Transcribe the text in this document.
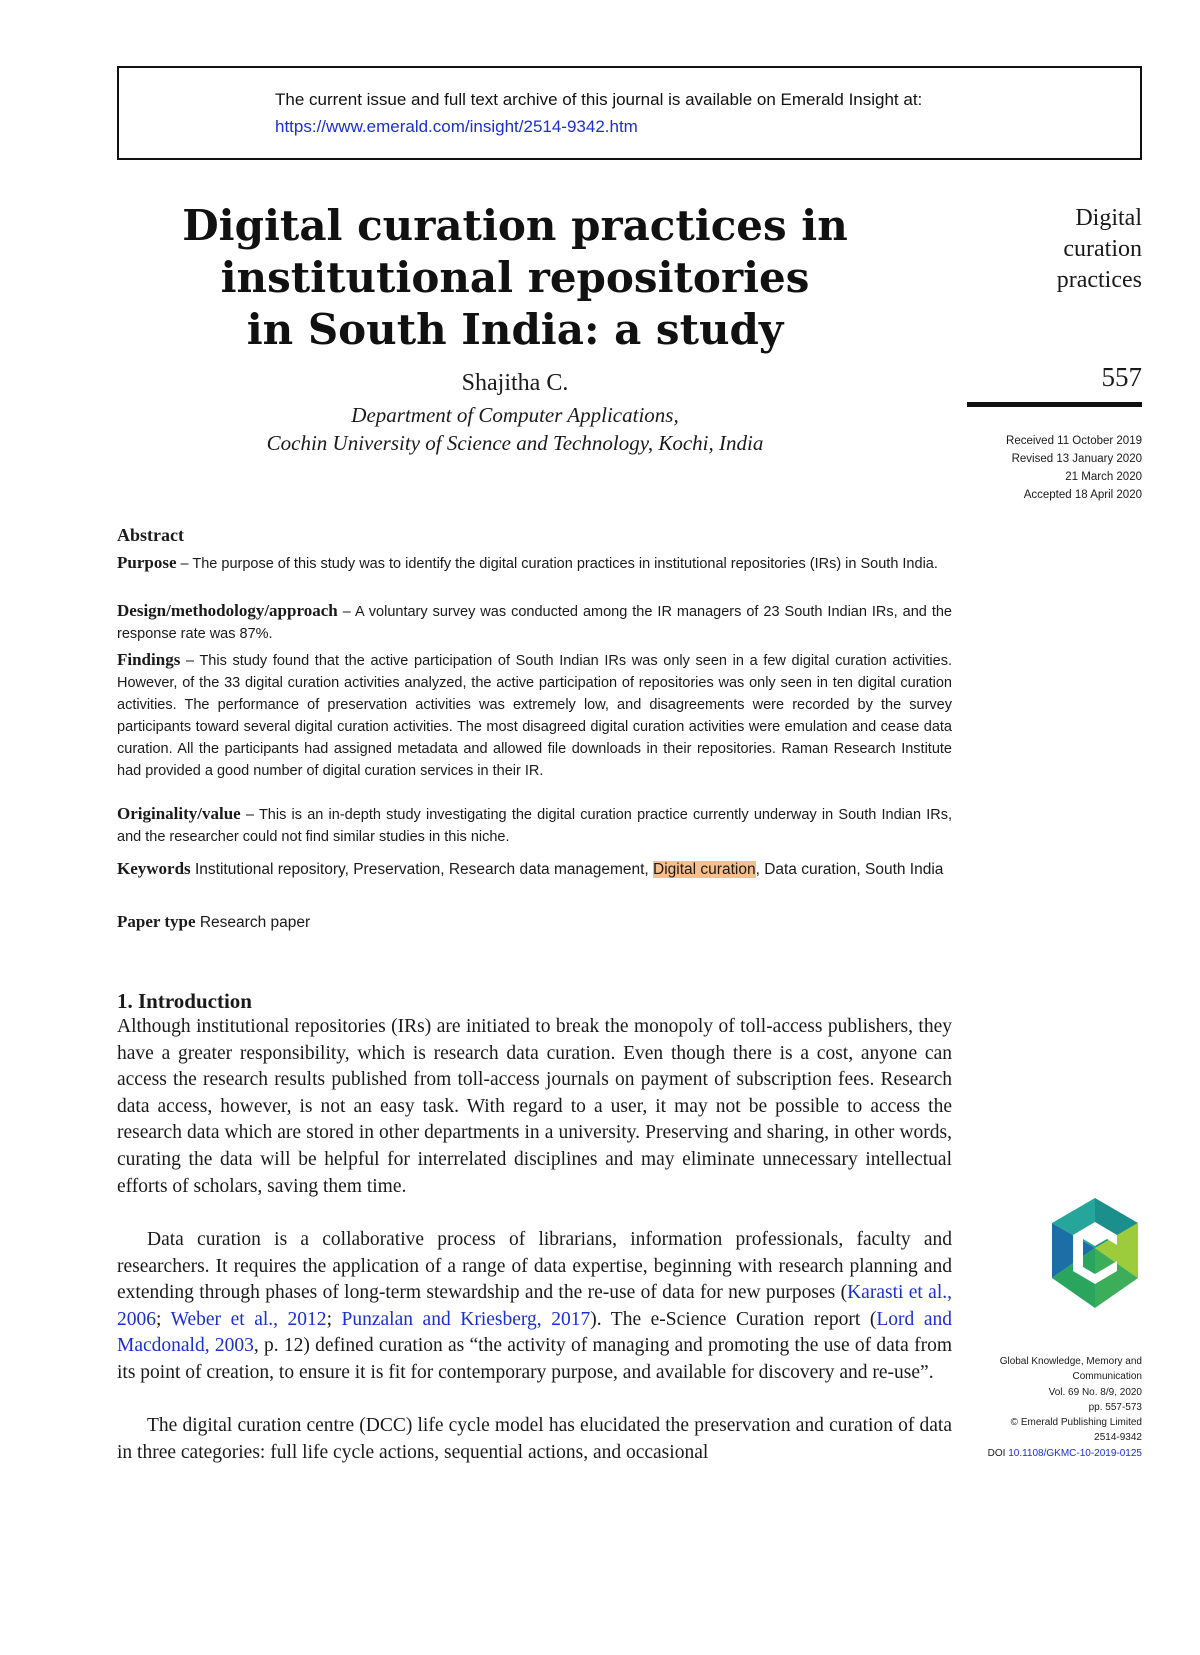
The current issue and full text archive of this journal is available on Emerald Insight at:
https://www.emerald.com/insight/2514-9342.htm
Digital curation practices in
institutional repositories
in South India: a study
Shajitha C.
Department of Computer Applications,
Cochin University of Science and Technology, Kochi, India
Digital
curation
practices
557
Received 11 October 2019
Revised 13 January 2020
21 March 2020
Accepted 18 April 2020
Abstract
Purpose – The purpose of this study was to identify the digital curation practices in institutional repositories (IRs) in South India.
Design/methodology/approach – A voluntary survey was conducted among the IR managers of 23 South Indian IRs, and the response rate was 87%.
Findings – This study found that the active participation of South Indian IRs was only seen in a few digital curation activities. However, of the 33 digital curation activities analyzed, the active participation of repositories was only seen in ten digital curation activities. The performance of preservation activities was extremely low, and disagreements were recorded by the survey participants toward several digital curation activities. The most disagreed digital curation activities were emulation and cease data curation. All the participants had assigned metadata and allowed file downloads in their repositories. Raman Research Institute had provided a good number of digital curation services in their IR.
Originality/value – This is an in-depth study investigating the digital curation practice currently underway in South Indian IRs, and the researcher could not find similar studies in this niche.
Keywords Institutional repository, Preservation, Research data management, Digital curation, Data curation, South India
Paper type Research paper
1. Introduction
Although institutional repositories (IRs) are initiated to break the monopoly of toll-access publishers, they have a greater responsibility, which is research data curation. Even though there is a cost, anyone can access the research results published from toll-access journals on payment of subscription fees. Research data access, however, is not an easy task. With regard to a user, it may not be possible to access the research data which are stored in other departments in a university. Preserving and sharing, in other words, curating the data will be helpful for interrelated disciplines and may eliminate unnecessary intellectual efforts of scholars, saving them time.
Data curation is a collaborative process of librarians, information professionals, faculty and researchers. It requires the application of a range of data expertise, beginning with research planning and extending through phases of long-term stewardship and the re-use of data for new purposes (Karasti et al., 2006; Weber et al., 2012; Punzalan and Kriesberg, 2017). The e-Science Curation report (Lord and Macdonald, 2003, p. 12) defined curation as “the activity of managing and promoting the use of data from its point of creation, to ensure it is fit for contemporary purpose, and available for discovery and re-use”.
The digital curation centre (DCC) life cycle model has elucidated the preservation and curation of data in three categories: full life cycle actions, sequential actions, and occasional
Global Knowledge, Memory and
Communication
Vol. 69 No. 8/9, 2020
pp. 557-573
© Emerald Publishing Limited
2514-9342
DOI 10.1108/GKMC-10-2019-0125
